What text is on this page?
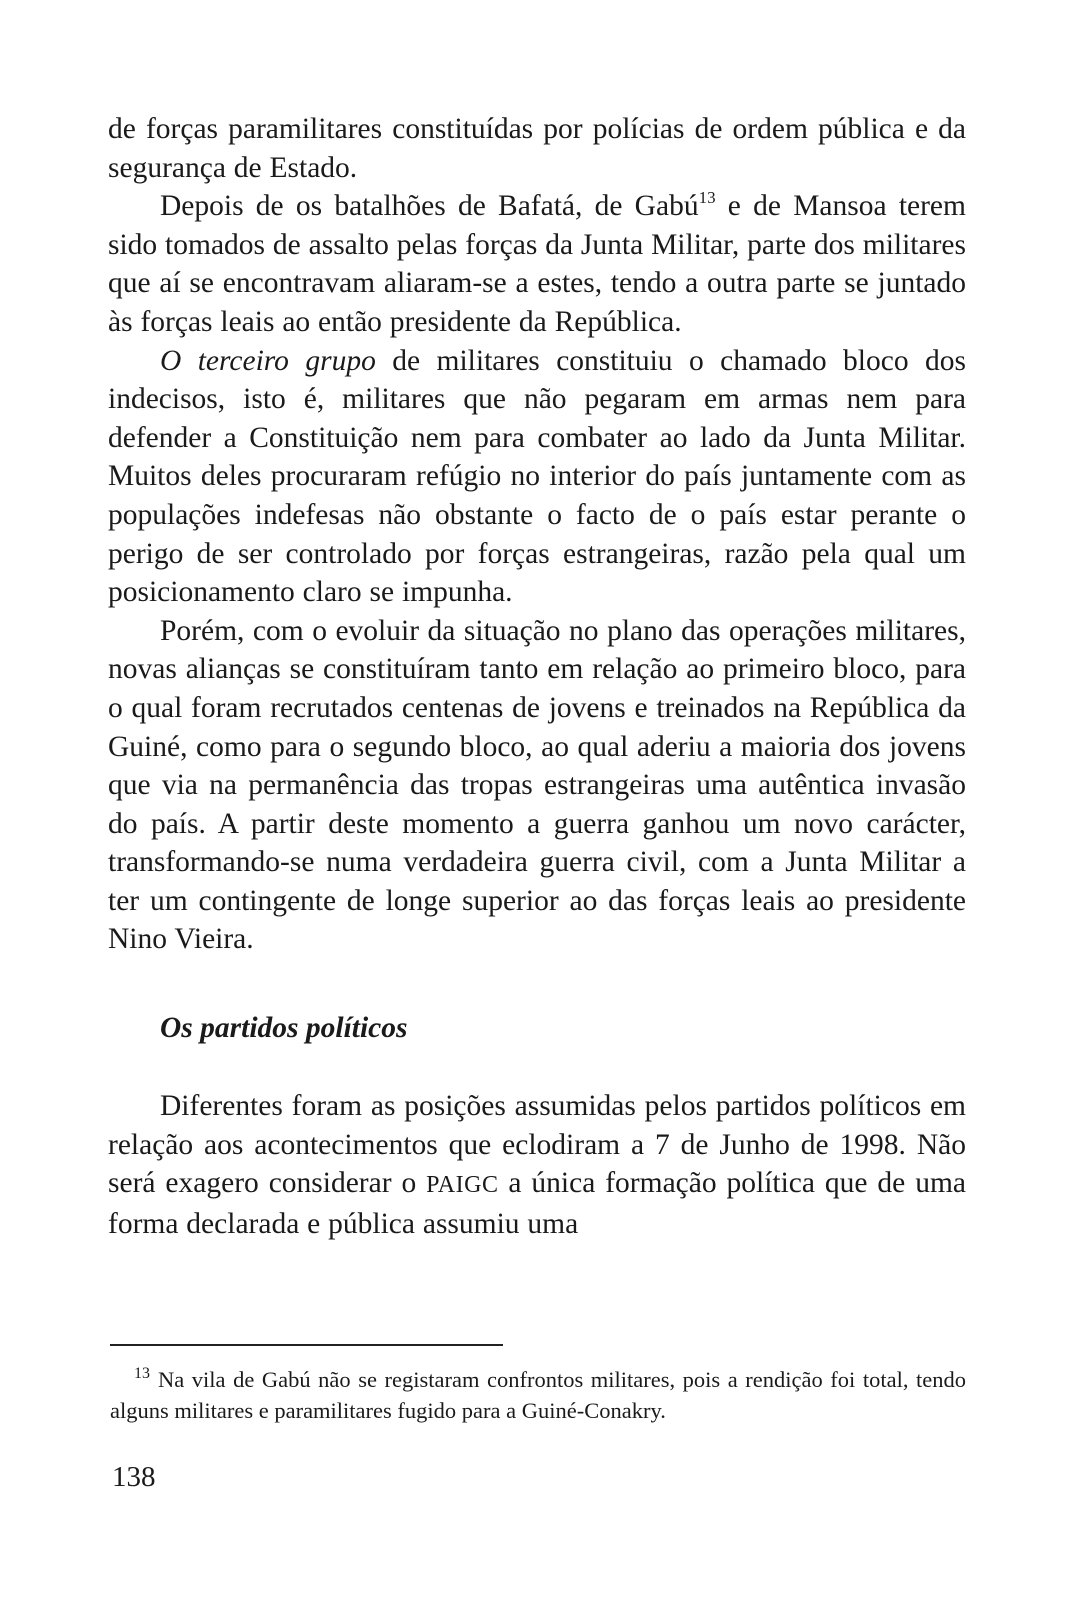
de forças paramilitares constituídas por polícias de ordem pública e da segurança de Estado.

Depois de os batalhões de Bafatá, de Gabú$^{13}$ e de Mansoa terem sido tomados de assalto pelas forças da Junta Militar, parte dos militares que aí se encontravam aliaram-se a estes, tendo a outra parte se juntado às forças leais ao então presidente da República.

O terceiro grupo de militares constituiu o chamado bloco dos indecisos, isto é, militares que não pegaram em armas nem para defender a Constituição nem para combater ao lado da Junta Militar. Muitos deles procuraram refúgio no interior do país juntamente com as populações indefesas não obstante o facto de o país estar perante o perigo de ser controlado por forças estrangeiras, razão pela qual um posicionamento claro se impunha.

Porém, com o evoluir da situação no plano das operações militares, novas alianças se constituíram tanto em relação ao primeiro bloco, para o qual foram recrutados centenas de jovens e treinados na República da Guiné, como para o segundo bloco, ao qual aderiu a maioria dos jovens que via na permanência das tropas estrangeiras uma autêntica invasão do país. A partir deste momento a guerra ganhou um novo carácter, transformando-se numa verdadeira guerra civil, com a Junta Militar a ter um contingente de longe superior ao das forças leais ao presidente Nino Vieira.

Os partidos políticos

Diferentes foram as posições assumidas pelos partidos políticos em relação aos acontecimentos que eclodiram a 7 de Junho de 1998. Não será exagero considerar o PAIGC a única formação política que de uma forma declarada e pública assumiu uma

$^{13}$ Na vila de Gabú não se registaram confrontos militares, pois a rendição foi total, tendo alguns militares e paramilitares fugido para a Guiné-Conakry.

138
